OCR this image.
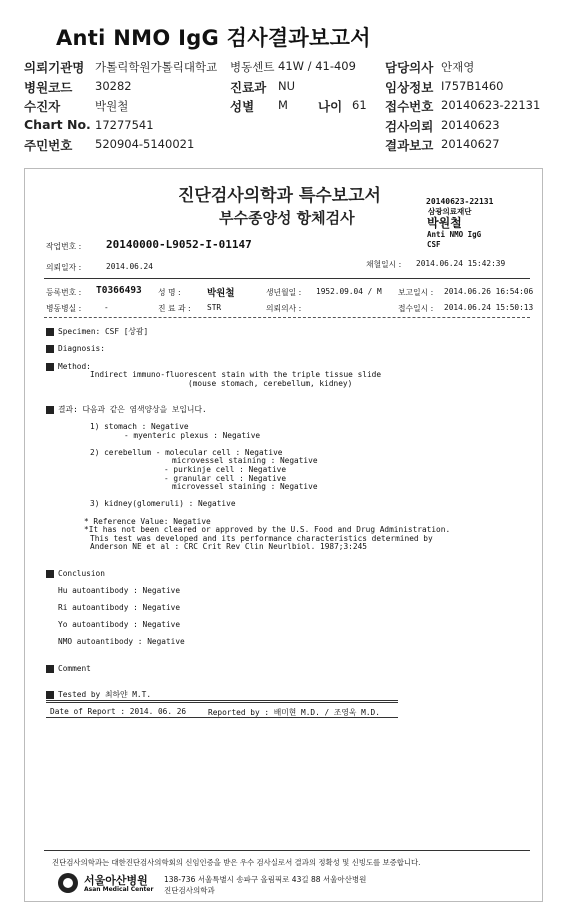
Anti NMO IgG 검사결과보고서
의뢰기관명 가톨릭학원가톨릭대학교 병동센트 41W / 41-409 담당의사 안재영
병원코드 30282	진료과 NU	임상정보 I757B1460
수진자	박원철	성별 M 나이 61 접수번호 20140623-22131
Chart No. 17277541	검사의뢰 20140623
주민번호 520904-5140021	결과보고 20140627
진단검사의학과 특수보고서
부수종양성 항체검사
20140623-22131
삼광의료재단
박원철
Anti NMO IgG
CSF
작업번호 : 20140000-L9052-I-01147
의뢰일자 :	2014.06.24	채혈일시 : 2014.06.24 15:42:39
등록번호 : T0366493 성 명 :	박원철	생년월일 : 1952.09.04 / M 보고일시 : 2014.06.26 16:54:06
병동병실 :	-	진 료 과 : STR	의뢰의사 :	접수일시 : 2014.06.24 15:50:13
Specimen: CSF [상괌]
Diagnosis:
Method:
Indirect immuno-fluorescent stain with the triple tissue slide
(mouse stomach, cerebellum, kidney)
결과: 다음과 같은 염색양상을 보입니다.
1) stomach : Negative
- myenteric plexus : Negative
2) cerebellum - molecular cell : Negative
microvessel staining : Negative
- purkinje cell : Negative
- granular cell : Negative
microvessel staining : Negative
3) kidney(glomeruli) : Negative
* Reference Value: Negative
*It has not been cleared or approved by the U.S. Food and Drug Administration.
This test was developed and its performance characteristics determined by
Anderson NE et al : CRC Crit Rev Clin Neurlbiol. 1987;3:245
Conclusion
Hu autoantibody : Negative
Ri autoantibody : Negative
Yo autoantibody : Negative
NMO autoantibody : Negative
Comment
Tested by 최하얀 M.T.
Date of Report : 2014. 06. 26	Reported by : 배미현 M.D. / 조영욱 M.D.
진단검사의학과는 대한진단검사의학회의 신임인증을 받은 우수 검사실로서 결과의 정확성 및 신빙도를 보증합니다.
서울아산병원
Asan Medical Center
138-736 서울특별시 송파구 올림픽로 43길 88 서울아산병원
진단검사의학과
